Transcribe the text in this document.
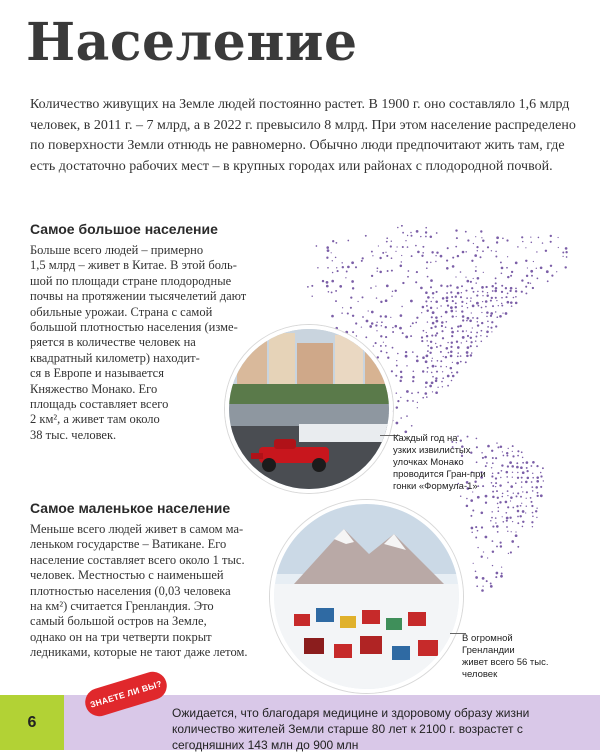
Население

Количество живущих на Земле людей постоянно растет. В 1900 г. оно составляло 1,6 млрд человек, в 2011 г. – 7 млрд, а в 2022 г. превысило 8 млрд. При этом население распределено по поверхности Земли отнюдь не равномерно. Обычно люди предпочитают жить там, где есть достаточно рабочих мест – в крупных городах или районах с плодородной почвой.

Самое большое население
Больше всего людей – примерно
1,5 млрд – живет в Китае. В этой боль-
шой по площади стране плодородные
почвы на протяжении тысячелетий дают
обильные урожаи. Страна с самой
большой плотностью населения (изме-
ряется в количестве человек на
квадратный километр) находит-
ся в Европе и называется
Княжество Монако. Его
площадь составляет всего
2 км², а живет там около
38 тыс. человек.	Каждый год на
узких извилистых
улочках Монако
проводится Гран-при
гонки «Формула-1»
Самое маленькое население
Меньше всего людей живет в самом ма-
леньком государстве – Ватикане. Его
население составляет всего около 1 тыс.
человек. Местностью с наименьшей
плотностью населения (0,03 человека
на км²) считается Гренландия. Это
самый большой остров на Земле,
однако он на три четверти покрыт
ледниками, которые не тают даже летом.
В огромной
Гренландии
живет всего 56 тыс.
человек
6
Ожидается, что благодаря медицине и здоровому образу жизни количество жителей Земли старше 80 лет к 2100 г. возрастет с сегодняшних 143 млн до 900 млн
ЗНАЕТЕ ЛИ ВЫ?
